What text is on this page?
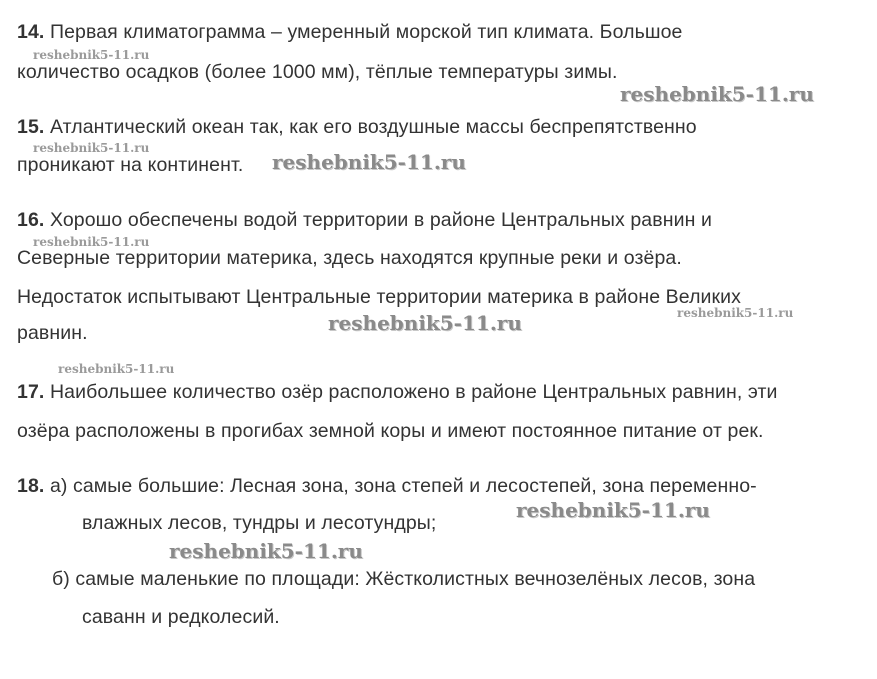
14. Первая климатограмма – умеренный морской тип климата. Большое
количество осадков (более 1000 мм), тёплые температуры зимы.
15. Атлантический океан так, как его воздушные массы беспрепятственно
проникают на континент.
16. Хорошо обеспечены водой территории в районе Центральных равнин и
Северные территории материка, здесь находятся крупные реки и озёра.
Недостаток испытывают Центральные территории материка в районе Великих
равнин.
17. Наибольшее количество озёр расположено в районе Центральных равнин, эти
озёра расположены в прогибах земной коры и имеют постоянное питание от рек.
18. а) самые большие: Лесная зона, зона степей и лесостепей, зона переменно-
влажных лесов, тундры и лесотундры;
б) самые маленькие по площади: Жёстколистных вечнозелёных лесов, зона
саванн и редколесий.
reshebnik5-11.ru
reshebnik5-11.ru
reshebnik5-11.ru
reshebnik5-11.ru
reshebnik5-11.ru
reshebnik5-11.ru
reshebnik5-11.ru
reshebnik5-11.ru
reshebnik5-11.ru
reshebnik5-11.ru
